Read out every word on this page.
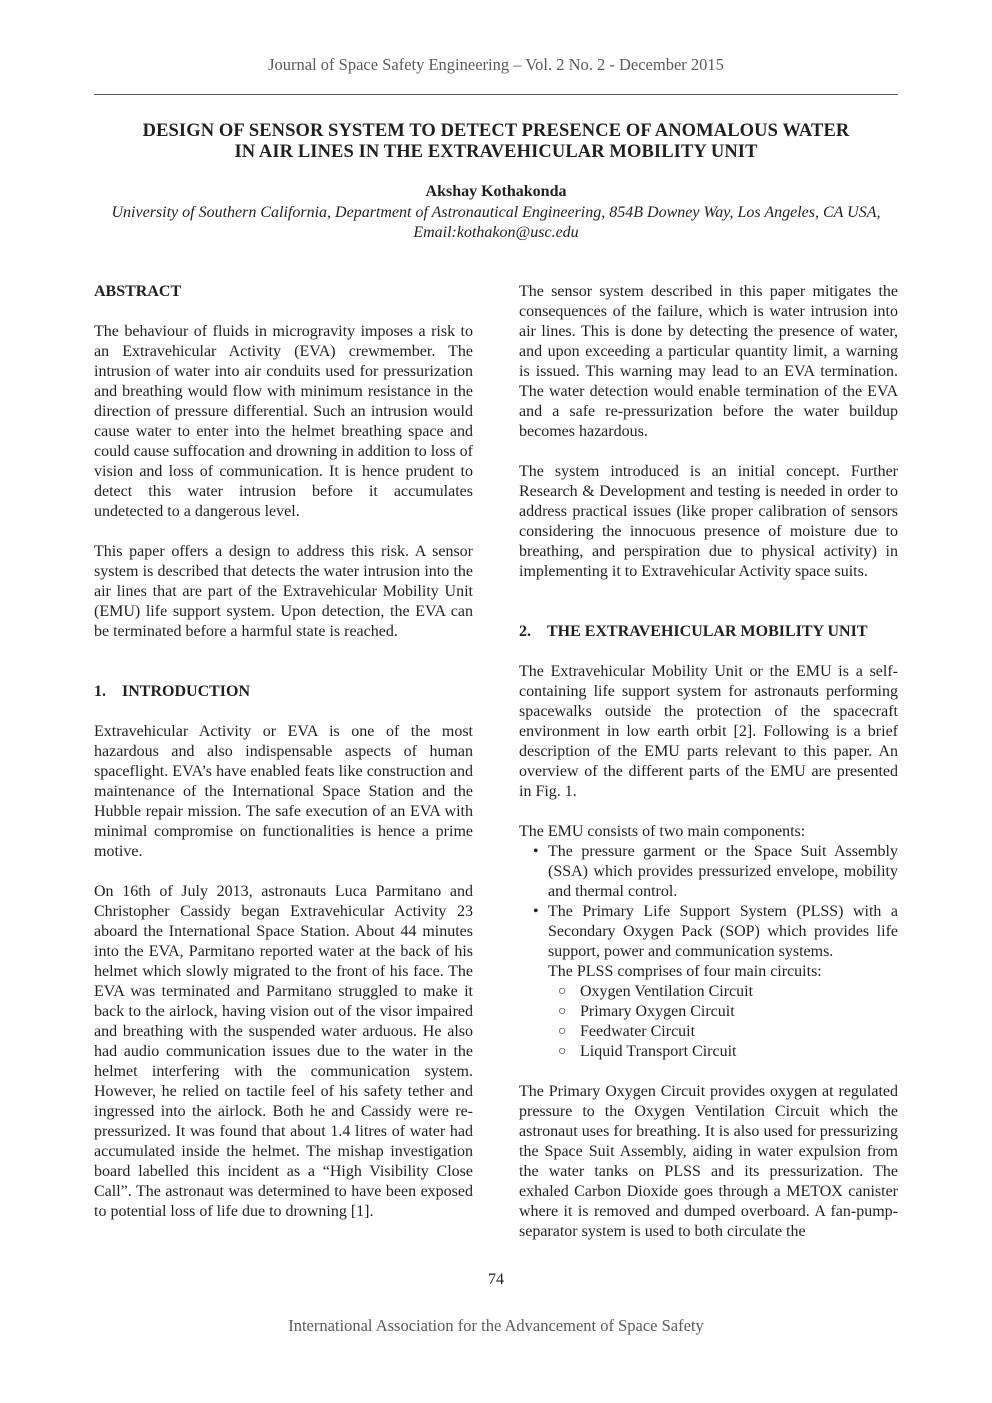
Journal of Space Safety Engineering – Vol. 2 No. 2 - December 2015
DESIGN OF SENSOR SYSTEM TO DETECT PRESENCE OF ANOMALOUS WATER
IN AIR LINES IN THE EXTRAVEHICULAR MOBILITY UNIT
Akshay Kothakonda
University of Southern California, Department of Astronautical Engineering, 854B Downey Way, Los Angeles, CA USA,
Email:kothakon@usc.edu
ABSTRACT

The behaviour of fluids in microgravity imposes a risk to an Extravehicular Activity (EVA) crewmember. The intrusion of water into air conduits used for pressurization and breathing would flow with minimum resistance in the direction of pressure differential. Such an intrusion would cause water to enter into the helmet breathing space and could cause suffocation and drowning in addition to loss of vision and loss of communication. It is hence prudent to detect this water intrusion before it accumulates undetected to a dangerous level.

This paper offers a design to address this risk. A sensor system is described that detects the water intrusion into the air lines that are part of the Extravehicular Mobility Unit (EMU) life support system. Upon detection, the EVA can be terminated before a harmful state is reached.

1. INTRODUCTION

Extravehicular Activity or EVA is one of the most hazardous and also indispensable aspects of human spaceflight. EVA’s have enabled feats like construction and maintenance of the International Space Station and the Hubble repair mission. The safe execution of an EVA with minimal compromise on functionalities is hence a prime motive.

On 16th of July 2013, astronauts Luca Parmitano and Christopher Cassidy began Extravehicular Activity 23 aboard the International Space Station. About 44 minutes into the EVA, Parmitano reported water at the back of his helmet which slowly migrated to the front of his face. The EVA was terminated and Parmitano struggled to make it back to the airlock, having vision out of the visor impaired and breathing with the suspended water arduous. He also had audio communication issues due to the water in the helmet interfering with the communication system. However, he relied on tactile feel of his safety tether and ingressed into the airlock. Both he and Cassidy were re-pressurized. It was found that about 1.4 litres of water had accumulated inside the helmet. The mishap investigation board labelled this incident as a “High Visibility Close Call”. The astronaut was determined to have been exposed to potential loss of life due to drowning [1].

The sensor system described in this paper mitigates the consequences of the failure, which is water intrusion into air lines. This is done by detecting the presence of water, and upon exceeding a particular quantity limit, a warning is issued. This warning may lead to an EVA termination. The water detection would enable termination of the EVA and a safe re-pressurization before the water buildup becomes hazardous.

The system introduced is an initial concept. Further Research & Development and testing is needed in order to address practical issues (like proper calibration of sensors considering the innocuous presence of moisture due to breathing, and perspiration due to physical activity) in implementing it to Extravehicular Activity space suits.

2. THE EXTRAVEHICULAR MOBILITY UNIT

The Extravehicular Mobility Unit or the EMU is a self-containing life support system for astronauts performing spacewalks outside the protection of the spacecraft environment in low earth orbit [2]. Following is a brief description of the EMU parts relevant to this paper. An overview of the different parts of the EMU are presented in Fig. 1.

The EMU consists of two main components:

• The pressure garment or the Space Suit Assembly (SSA) which provides pressurized envelope, mobility and thermal control.
• The Primary Life Support System (PLSS) with a Secondary Oxygen Pack (SOP) which provides life support, power and communication systems.
The PLSS comprises of four main circuits:
○ Oxygen Ventilation Circuit
○ Primary Oxygen Circuit
○ Feedwater Circuit
○ Liquid Transport Circuit

The Primary Oxygen Circuit provides oxygen at regulated pressure to the Oxygen Ventilation Circuit which the astronaut uses for breathing. It is also used for pressurizing the Space Suit Assembly, aiding in water expulsion from the water tanks on PLSS and its pressurization. The exhaled Carbon Dioxide goes through a METOX canister where it is removed and dumped overboard. A fan-pump-separator system is used to both circulate the

74
International Association for the Advancement of Space Safety
